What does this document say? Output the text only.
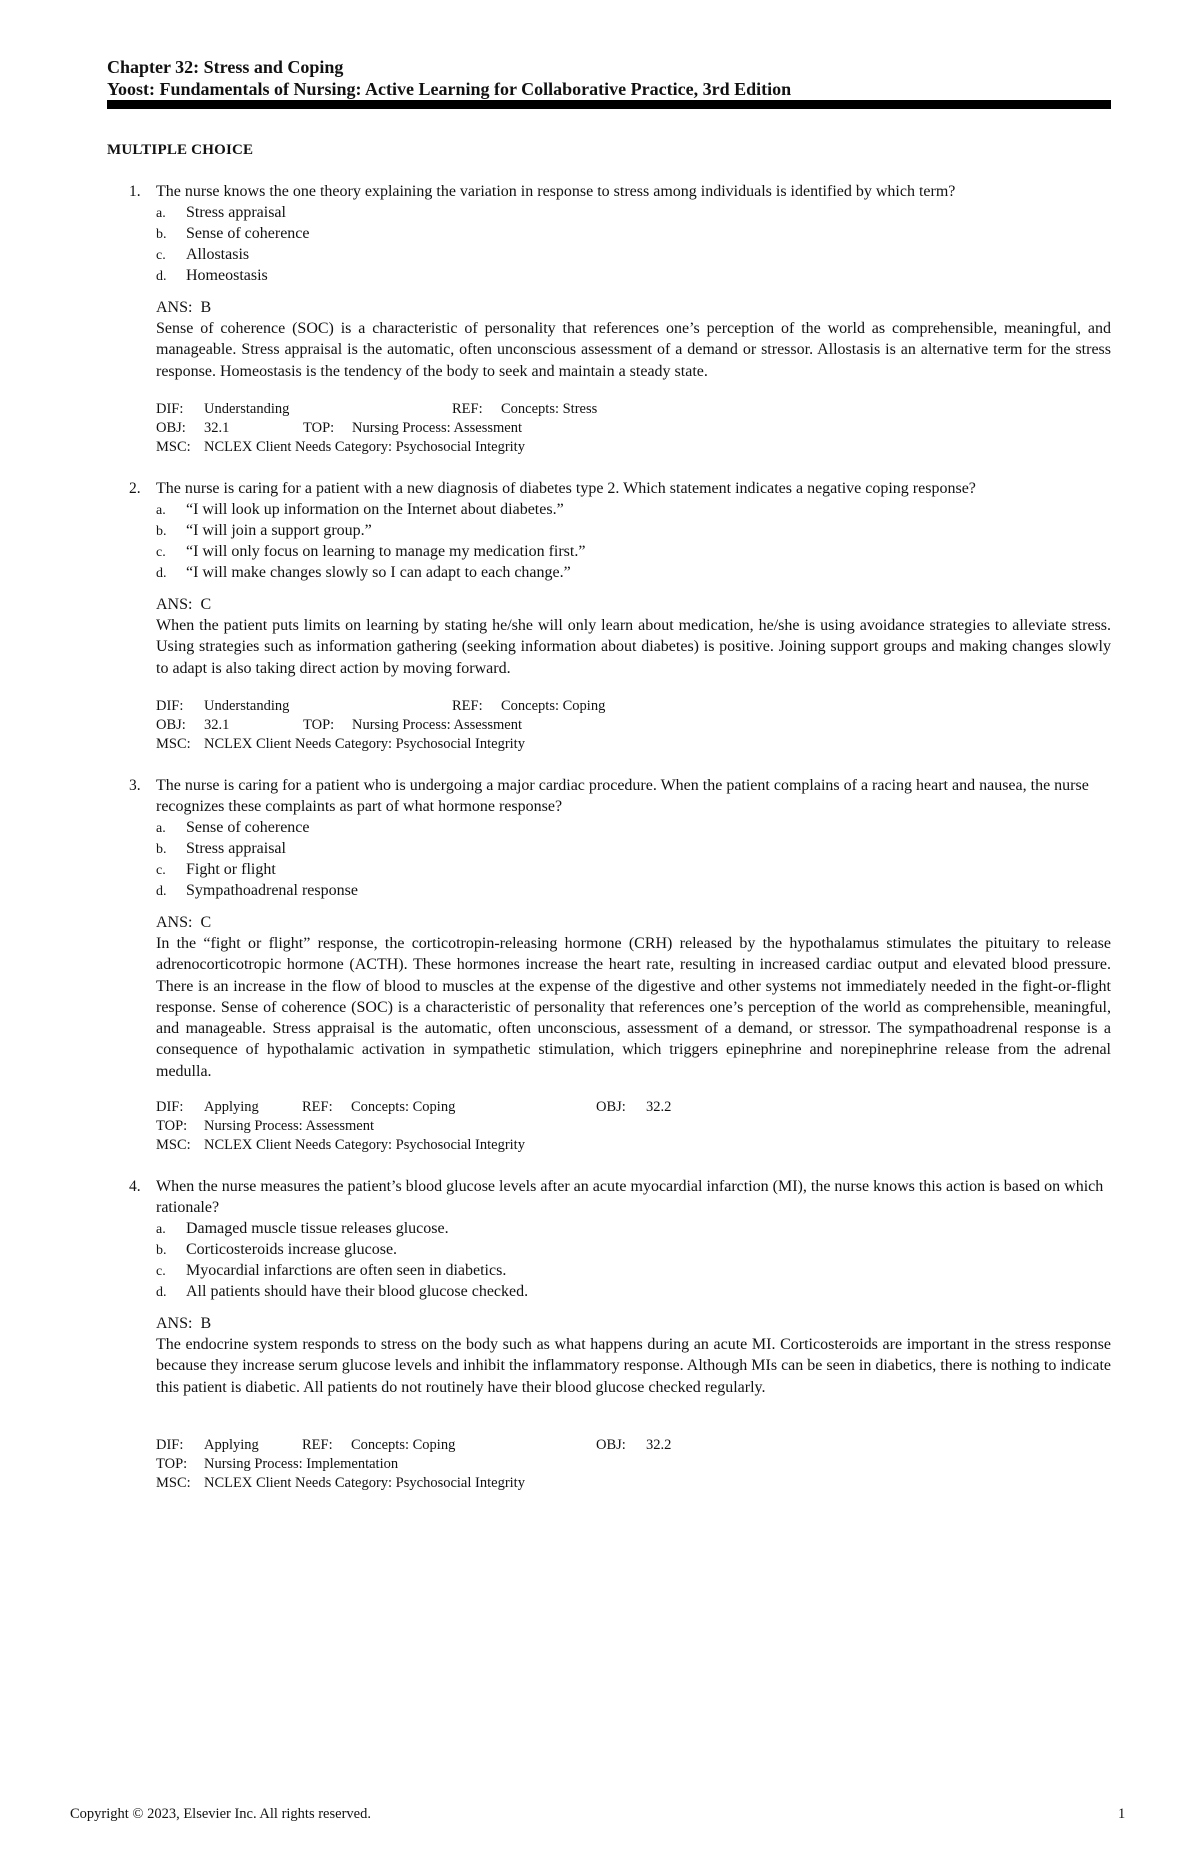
Chapter 32: Stress and Coping
Yoost: Fundamentals of Nursing: Active Learning for Collaborative Practice, 3rd Edition
MULTIPLE CHOICE
1. The nurse knows the one theory explaining the variation in response to stress among individuals is identified by which term?
a. Stress appraisal
b. Sense of coherence
c. Allostasis
d. Homeostasis
ANS: B
Sense of coherence (SOC) is a characteristic of personality that references one’s perception of the world as comprehensible, meaningful, and manageable. Stress appraisal is the automatic, often unconscious assessment of a demand or stressor. Allostasis is an alternative term for the stress response. Homeostasis is the tendency of the body to seek and maintain a steady state.
DIF: Understanding	REF: Concepts: Stress
OBJ: 32.1	TOP: Nursing Process: Assessment
MSC: NCLEX Client Needs Category: Psychosocial Integrity
2. The nurse is caring for a patient with a new diagnosis of diabetes type 2. Which statement indicates a negative coping response?
a. “I will look up information on the Internet about diabetes.”
b. “I will join a support group.”
c. “I will only focus on learning to manage my medication first.”
d. “I will make changes slowly so I can adapt to each change.”
ANS: C
When the patient puts limits on learning by stating he/she will only learn about medication, he/she is using avoidance strategies to alleviate stress. Using strategies such as information gathering (seeking information about diabetes) is positive. Joining support groups and making changes slowly to adapt is also taking direct action by moving forward.
DIF: Understanding	REF: Concepts: Coping
OBJ: 32.1	TOP: Nursing Process: Assessment
MSC: NCLEX Client Needs Category: Psychosocial Integrity
3. The nurse is caring for a patient who is undergoing a major cardiac procedure. When the patient complains of a racing heart and nausea, the nurse recognizes these complaints as part of what hormone response?
a. Sense of coherence
b. Stress appraisal
c. Fight or flight
d. Sympathoadrenal response
ANS: C
In the “fight or flight” response, the corticotropin-releasing hormone (CRH) released by the hypothalamus stimulates the pituitary to release adrenocorticotropic hormone (ACTH). These hormones increase the heart rate, resulting in increased cardiac output and elevated blood pressure. There is an increase in the flow of blood to muscles at the expense of the digestive and other systems not immediately needed in the fight-or-flight response. Sense of coherence (SOC) is a characteristic of personality that references one’s perception of the world as comprehensible, meaningful, and manageable. Stress appraisal is the automatic, often unconscious, assessment of a demand, or stressor. The sympathoadrenal response is a consequence of hypothalamic activation in sympathetic stimulation, which triggers epinephrine and norepinephrine release from the adrenal medulla.
DIF: Applying	REF: Concepts: Coping	OBJ: 32.2
TOP: Nursing Process: Assessment
MSC: NCLEX Client Needs Category: Psychosocial Integrity
4. When the nurse measures the patient’s blood glucose levels after an acute myocardial infarction (MI), the nurse knows this action is based on which rationale?
a. Damaged muscle tissue releases glucose.
b. Corticosteroids increase glucose.
c. Myocardial infarctions are often seen in diabetics.
d. All patients should have their blood glucose checked.
ANS: B
The endocrine system responds to stress on the body such as what happens during an acute MI. Corticosteroids are important in the stress response because they increase serum glucose levels and inhibit the inflammatory response. Although MIs can be seen in diabetics, there is nothing to indicate this patient is diabetic. All patients do not routinely have their blood glucose checked regularly.
DIF: Applying	REF: Concepts: Coping	OBJ: 32.2
TOP: Nursing Process: Implementation
MSC: NCLEX Client Needs Category: Psychosocial Integrity
Copyright © 2023, Elsevier Inc. All rights reserved.	1
